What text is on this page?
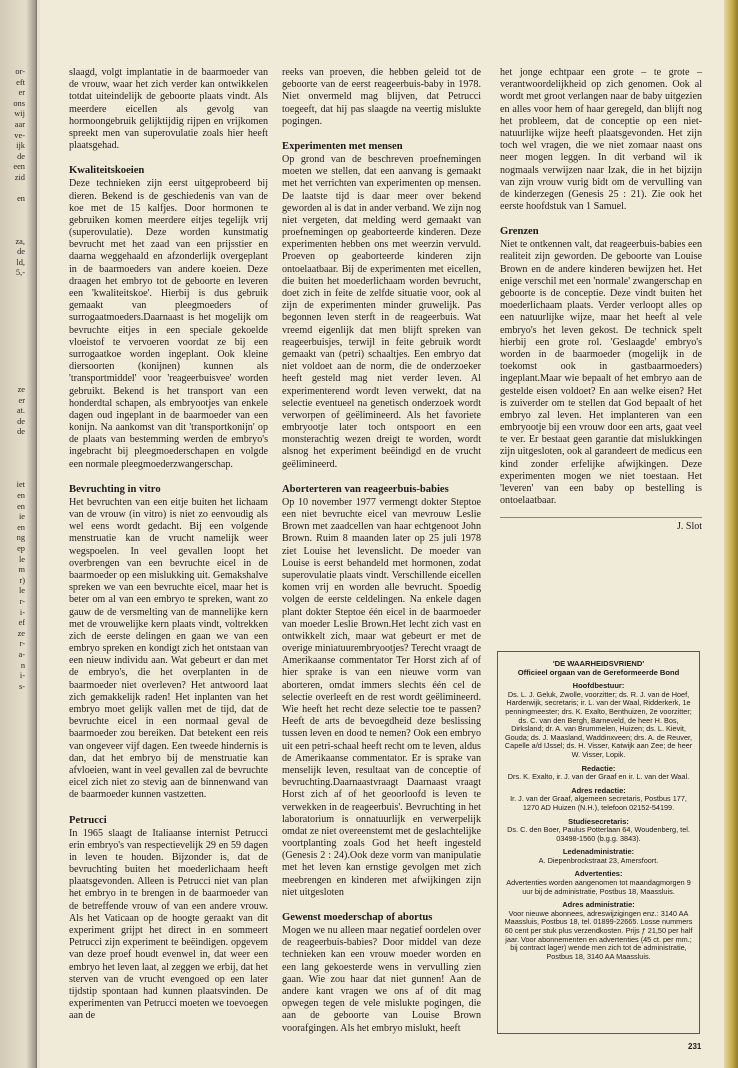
or-
eft
er
ons
wij
aar
ve-
ijk
de
een
zid
en
za,
de
ld,
5,-
ze
er
at.
de
de
iet
en
en
ie
en
ng
ep
le
m
r)
le
r-
i-
ef
ze
r-
a-
n
i-
s-

slaagd, volgt implantatie in de baarmoeder van de vrouw, waar het zich verder kan ontwikkelen totdat uiteindelijk de geboorte plaats vindt. Als meerdere eicellen als gevolg van hormoongebruik gelijktijdig rijpen en vrijkomen spreekt men van superovulatie zoals hier heeft plaatsgehad.

Kwaliteitskoeien

Deze technieken zijn eerst uitgeprobeerd bij dieren. Bekend is de geschiedenis van van de koe met de 15 kalfjes. Door hormonen te gebruiken komen meerdere eitjes tegelijk vrij (superovulatie). Deze worden kunstmatig bevrucht met het zaad van een prijsstier en daarna weggehaald en afzonderlijk overgeplant in de baarmoeders van andere koeien. Deze draagen het embryo tot de geboorte en leveren een 'kwaliteitskoe'. Hierbij is dus gebruik gemaakt van pleegmoeders of surrogaatmoeders.Daarnaast is het mogelijk om bevruchte eitjes in een speciale gekoelde vloeistof te vervoeren voordat ze bij een surrogaatkoe worden ingeplant. Ook kleine diersoorten (konijnen) kunnen als 'transportmiddel' voor 'reageerbuisvee' worden gebruikt. Bekend is het transport van een honderdtal schapen, als embryootjes van enkele dagen oud ingeplant in de baarmoeder van een konijn. Na aankomst van dit 'transportkonijn' op de plaats van bestemming werden de embryo's ingebracht bij pleegmoederschapen en volgde een normale pleegmoederzwangerschap.

Bevruchting in vitro

Het bevruchten van een eitje buiten het lichaam van de vrouw (in vitro) is niet zo eenvoudig als wel eens wordt gedacht. Bij een volgende menstruatie kan de vrucht namelijk weer wegspoelen. In veel gevallen loopt het overbrengen van een bevruchte eicel in de baarmoeder op een mislukking uit. Gemakshalve spreken we van een bevruchte eicel, maar het is beter om al van een embryo te spreken, want zo gauw de de versmelting van de mannelijke kern met de vrouwelijke kern plaats vindt, voltrekken zich de eerste delingen en gaan we van een embryo spreken en kondigt zich het ontstaan van een nieuw individu aan. Wat gebeurt er dan met de embryo's, die het overplanten in de baarmoeder niet overleven? Het antwoord laat zich gemakkelijk raden! Het inplanten van het embryo moet gelijk vallen met de tijd, dat de bevruchte eicel in een normaal geval de baarmoeder zou bereiken. Dat betekent een reis van ongeveer vijf dagen. Een tweede hindernis is dan, dat het embryo bij de menstruatie kan afvloeien, want in veel gevallen zal de bevruchte eicel zich niet zo stevig aan de binnenwand van de baarmoeder kunnen vastzetten.

Petrucci

In 1965 slaagt de Italiaanse internist Petrucci erin embryo's van respectievelijk 29 en 59 dagen in leven te houden. Bijzonder is, dat de bevruchting buiten het moederlichaam heeft plaatsgevonden. Alleen is Petrucci niet van plan het embryo in te brengen in de baarmoeder van de betreffende vrouw of van een andere vrouw. Als het Vaticaan op de hoogte geraakt van dit experiment grijpt het direct in en sommeert Petrucci zijn experiment te beëindigen. opgevem van deze proef houdt evenwel in, dat weer een embryo het leven laat, al zeggen we erbij, dat het sterven van de vrucht evengoed op een later tijdstip spontaan had kunnen plaatsvinden. De experimenten van Petrucci moeten we toevoegen aan de

reeks van proeven, die hebben geleid tot de geboorte van de eerst reageerbuis-baby in 1978. Niet onvermeld mag blijven, dat Petrucci toegeeft, dat hij pas slaagde na veertig mislukte pogingen.

Experimenten met mensen

Op grond van de beschreven proefnemingen moeten we stellen, dat een aanvang is gemaakt met het verrichten van experimenten op mensen. De laatste tijd is daar meer over bekend geworden al is dat in ander verband. We zijn nog niet vergeten, dat melding werd gemaakt van proefnemingen op geaborteerde kinderen. Deze experimenten hebben ons met weerzin vervuld. Proeven op geaborteerde kinderen zijn ontoelaatbaar. Bij de experimenten met eicellen, die buiten het moederlichaam worden bevrucht, doet zich in feite de zelfde situatie voor, ook al zijn de experimenten minder gruwelijk. Pas begonnen leven sterft in de reageerbuis. Wat vreemd eigenlijk dat men blijft spreken van reageerbuisjes, terwijl in feite gebruik wordt gemaakt van (petri) schaaltjes. Een embryo dat niet voldoet aan de norm, die de onderzoeker heeft gesteld mag niet verder leven. Al experimenterend wordt leven verwekt, dat na selectie eventueel na genetisch onderzoek wordt verworpen of geëlimineerd. Als het favoriete embryootje later toch ontspoort en een monsterachtig wezen dreigt te worden, wordt alsnog het experiment beëindigd en de vrucht geëlimineerd.

Aborterteren van reageerbuis-babies

Op 10 november 1977 vermengt dokter Steptoe een niet bevruchte eicel van mevrouw Leslie Brown met zaadcellen van haar echtgenoot John Brown. Ruim 8 maanden later op 25 juli 1978 ziet Louise het levenslicht. De moeder van Louise is eerst behandeld met hormonen, zodat superovulatie plaats vindt. Verschillende eicellen komen vrij en worden alle bevrucht. Spoedig volgen de eerste celdelingen. Na enkele dagen plant dokter Steptoe één eicel in de baarmoeder van moeder Leslie Brown.Het lecht zich vast en ontwikkelt zich, maar wat gebeurt er met de overige miniatuurembryootjes? Terecht vraagt de Amerikaanse commentator Ter Horst zich af of hier sprake is van een nieuwe vorm van aborteren, omdat immers slechts één cel de selectie overleeft en de rest wordt geëlimineerd. Wie heeft het recht deze selectie toe te passen? Heeft de arts de bevoegdheid deze beslissing tussen leven en dood te nemen? Ook een embryo uit een petri-schaal heeft recht om te leven, aldus de Amerikaanse commentator. Er is sprake van menselijk leven, resultaat van de conceptie of bevruchting.Daarnaastvraagt Daarnaast vraagt Horst zich af of het geoorloofd is leven te verwekken in de reageerbuis'. Bevruchting in het laboratorium is onnatuurlijk en verwerpelijk omdat ze niet overeenstemt met de geslachtelijke voortplanting zoals God het heeft ingesteld (Genesis 2 : 24).Ook deze vorm van manipulatie met het leven kan ernstige gevolgen met zich meebrengen en kinderen met afwijkingen zijn niet uitgesloten

Gewenst moederschap of abortus

Mogen we nu alleen maar negatief oordelen over de reageerbuis-babies? Door middel van deze technieken kan een vrouw moeder worden en een lang gekoesterde wens in vervulling zien gaan. Wie zou haar dat niet gunnen! Aan de andere kant vragen we ons af of dit mag opwegen tegen de vele mislukte pogingen, die aan de geboorte van Louise Brown voorafgingen. Als het embryo mislukt, heeft

het jonge echtpaar een grote – te grote – verantwoordelijkheid op zich genomen. Ook al wordt met groot verlangen naar de baby uitgezien en alles voor hem of haar geregeld, dan blijft nog het probleem, dat de conceptie op een niet-natuurlijke wijze heeft plaatsgevonden. Het zijn toch wel vragen, die we niet zomaar naast ons neer mogen leggen. In dit verband wil ik nogmaals verwijzen naar Izak, die in het bijzijn van zijn vrouw vurig bidt om de vervulling van de kinderzegen (Genesis 25 : 21). Zie ook het eerste hoofdstuk van 1 Samuel.

Grenzen

Niet te ontkennen valt, dat reageerbuis-babies een realiteit zijn geworden. De geboorte van Louise Brown en de andere kinderen bewijzen het. Het enige verschil met een 'normale' zwangerschap en geboorte is de conceptie. Deze vindt buiten het moederlichaam plaats. Verder verloopt alles op een natuurlijke wijze, maar het heeft al vele embryo's het leven gekost. De technick spelt hierbij een grote rol. 'Geslaagde' embryo's worden in de baarmoeder (mogelijk in de toekomst ook in gastbaarmoeders) ingeplant.Maar wie bepaalt of het embryo aan de gestelde eisen voldoet? En aan welke eisen? Het is zuiverder om te stellen dat God bepaalt of het embryo zal leven. Het implanteren van een embryootje bij een vrouw door een arts, gaat veel te ver. Er bestaat geen garantie dat mislukkingen zijn uitgesloten, ook al garandeert de medicus een kind zonder erfelijke afwijkingen. Deze experimenten mogen we niet toestaan. Het 'leveren' van een baby op bestelling is ontoelaatbaar.

J. Slot
'DE WAARHEIDSVRIEND'
Officieel orgaan van de Gereformeerde Bond
Hoofdbestuur:
Ds. L. J. Geluk, Zwolle, voorzitter; ds. R. J. van de Hoef, Harderwijk, secretaris; ir. L. van der Waal, Ridderkerk, 1e penningmeester; drs. K. Exalto, Benthuizen, 2e voorzitter; ds. C. van den Bergh, Barneveld, de heer H. Bos, Dirksland; dr. A. van Brummelen, Huizen; ds. L. Kievit, Gouda; ds. J. Maasland, Waddinxveen; drs. A. de Reuver, Capelle a/d IJssel; ds. H. Visser, Katwijk aan Zee; de heer W. Visser, Lopik.
Redactie:
Drs. K. Exalto, ir. J. van der Graaf en ir. L. van der Waal.
Adres redactie:
Ir. J. van der Graaf, algemeen secretaris, Postbus 177, 1270 AD Huizen (N.H.), telefoon 02152-54199.
Studiesecretaris:
Ds. C. den Boer, Paulus Potterlaan 64, Woudenberg, tel. 03498-1560 (b.g.g. 3843).
Ledenadministratie:
A. Diepenbrockstraat 23, Amersfoort.
Advertenties:
Advertenties worden aangenomen tot maandagmorgen 9 uur bij de administratie, Postbus 18, Maassluis.
Adres administratie:
Voor nieuwe abonnees, adreswijzigingen enz.: 3140 AA Maassluis, Postbus 18, tel. 01899-22665. Losse nummers 60 cent per stuk plus verzendkosten. Prijs ƒ 21,50 per half jaar. Voor abonnementen en advertenties (45 ct. per mm.; bij contract lager) wende men zich tot de administratie, Postbus 18, 3140 AA Maassluis.
231
